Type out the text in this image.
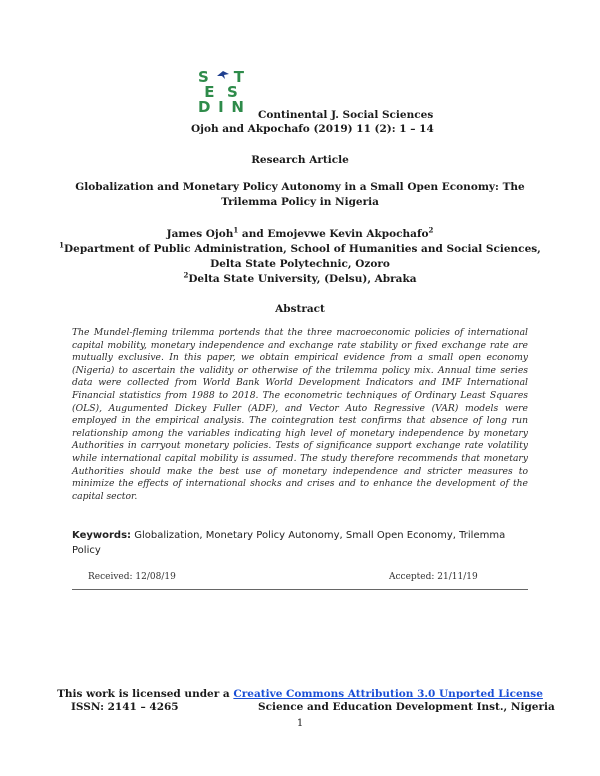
S T
E S
D I N Continental J. Social Sciences
Ojoh and Akpochafo (2019) 11 (2): 1 – 14
Research Article
Globalization and Monetary Policy Autonomy in a Small Open Economy: The
Trilemma Policy in Nigeria
James Ojoh$^1$ and Emojevwe Kevin Akpochafo$^2$
$^1$Department of Public Administration, School of Humanities and Social Sciences,
Delta State Polytechnic, Ozoro
$^2$Delta State University, (Delsu), Abraka
Abstract
The Mundel-fleming trilemma portends that the three macroeconomic policies of international capital mobility, monetary independence and exchange rate stability or fixed exchange rate are mutually exclusive. In this paper, we obtain empirical evidence from a small open economy (Nigeria) to ascertain the validity or otherwise of the trilemma policy mix. Annual time series data were collected from World Bank World Development Indicators and IMF International Financial statistics from 1988 to 2018. The econometric techniques of Ordinary Least Squares (OLS), Augumented Dickey Fuller (ADF), and Vector Auto Regressive (VAR) models were employed in the empirical analysis. The cointegration test confirms that absence of long run relationship among the variables indicating high level of monetary independence by monetary Authorities in carryout monetary policies. Tests of significance support exchange rate volatility while international capital mobility is assumed. The study therefore recommends that monetary Authorities should make the best use of monetary independence and stricter measures to minimize the effects of international shocks and crises and to enhance the development of the capital sector.
Keywords: Globalization, Monetary Policy Autonomy, Small Open Economy, Trilemma Policy
Received: 12/08/19	Accepted: 21/11/19
This work is licensed under a Creative Commons Attribution 3.0 Unported License
ISSN: 2141 – 4265	Science and Education Development Inst., Nigeria
1
